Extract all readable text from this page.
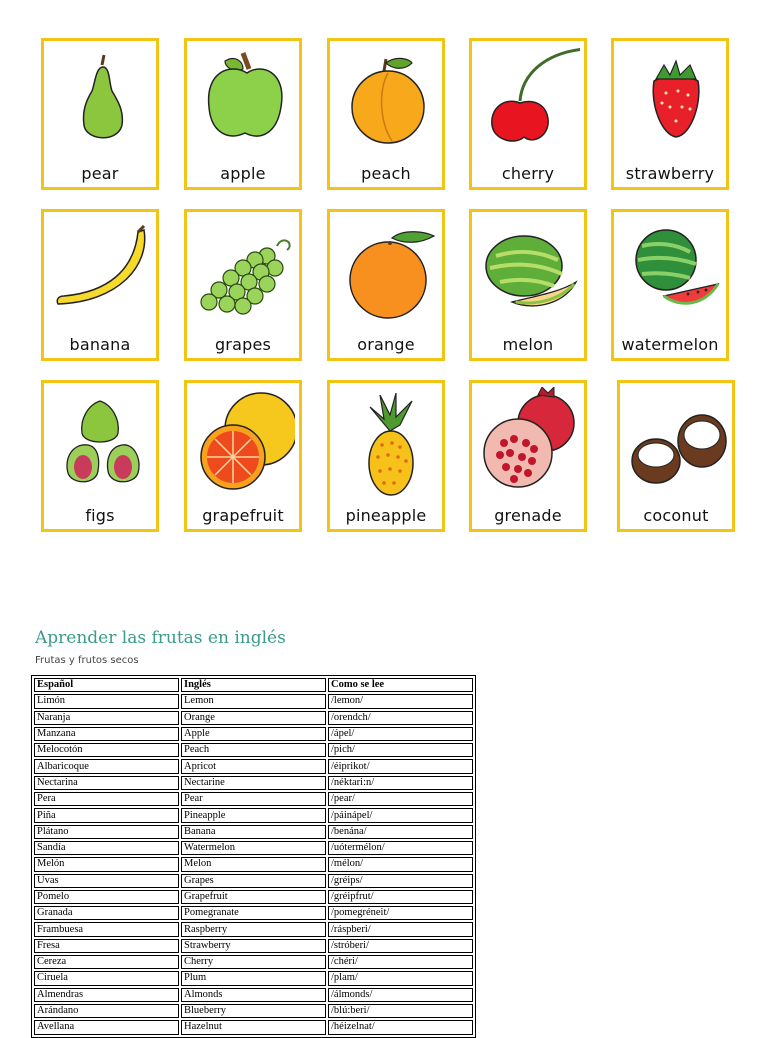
pear	apple	peach	cherry	strawberry
banana	grapes	orange	melon	watermelon
figs	grapefruit	pineapple	grenade	coconut
Aprender las frutas en inglés
Frutas y frutos secos
Español	Inglés	Como se lee
Limón	Lemon	/lemon/
Naranja	Orange	/orendch/
Manzana	Apple	/ápel/
Melocotón	Peach	/pich/
Albaricoque	Apricot	/éiprikot/
Nectarina	Nectarine	/néktari:n/
Pera	Pear	/pear/
Piña	Pineapple	/páinápel/
Plátano	Banana	/benána/
Sandía	Watermelon	/uótermélon/
Melón	Melon	/mélon/
Uvas	Grapes	/gréips/
Pomelo	Grapefruit	/gréipfrut/
Granada	Pomegranate	/pomegréneit/
Frambuesa	Raspberry	/ráspberi/
Fresa	Strawberry	/stróberi/
Cereza	Cherry	/chéri/
Ciruela	Plum	/plam/
Almendras	Almonds	/álmonds/
Arándano	Blueberry	/blú:beri/
Avellana	Hazelnut	/héizelnat/
